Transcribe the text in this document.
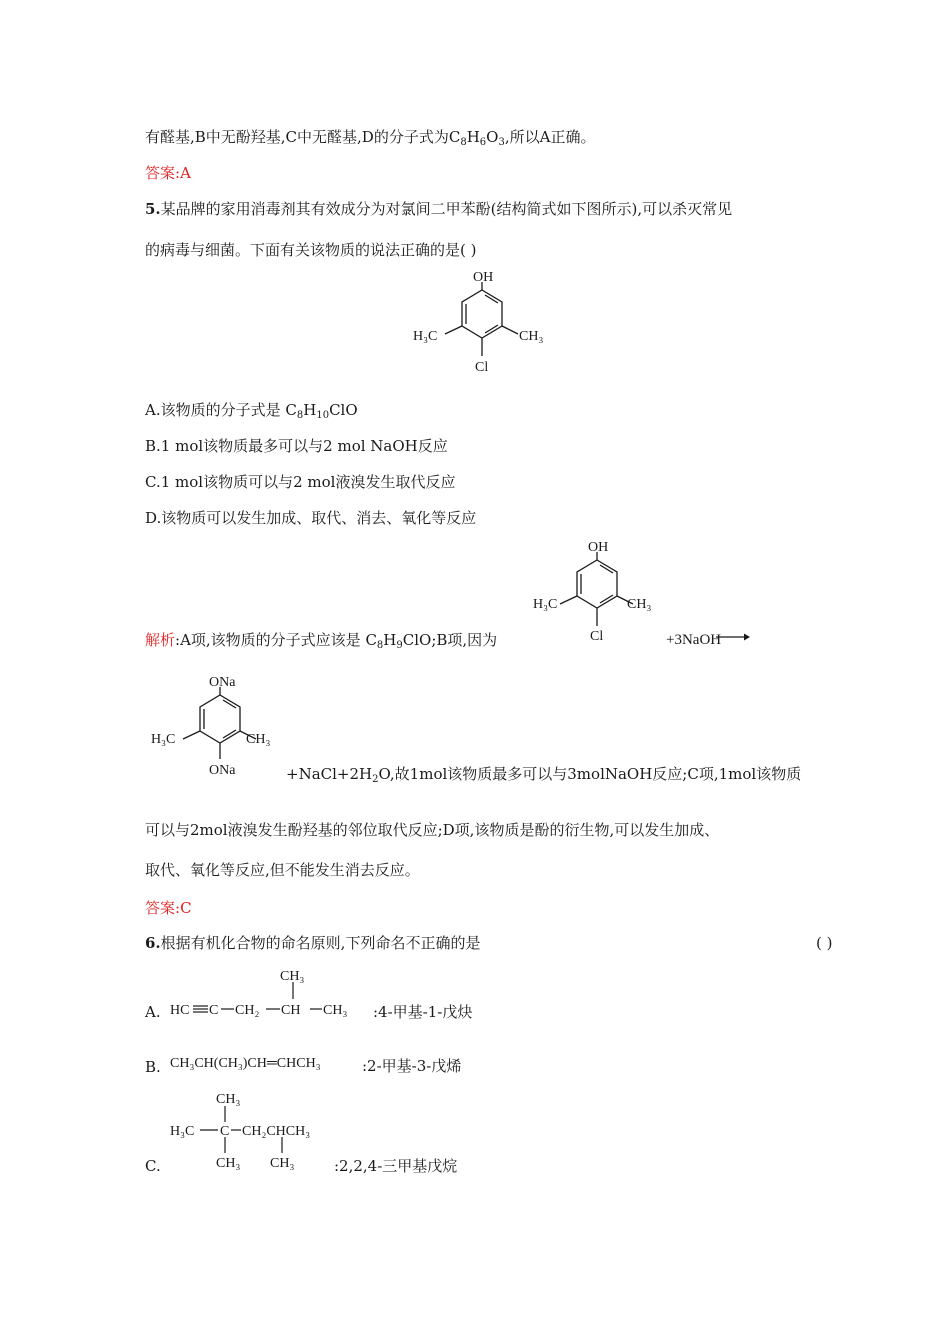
有醛基,B中无酚羟基,C中无醛基,D的分子式为$C_8H_6O_3$,所以A正确。
答案:A
5.某品牌的家用消毒剂其有效成分为对氯间二甲苯酚(结构简式如下图所示),可以杀灭常见
的病毒与细菌。下面有关该物质的说法正确的是( )
OH
H₃C	CH₃
Cl
A.该物质的分子式是 $C_8H_{10}ClO$
B.1 mol该物质最多可以与2 mol NaOH反应
C.1 mol该物质可以与2 mol液溴发生取代反应
D.该物质可以发生加成、取代、消去、氧化等反应
OH
H₃C	CH₃
Cl
解析:A项,该物质的分子式应该是 $C_8H_9ClO;B$项,因为	+3NaOH
ONa
H₃C	CH₃
ONa	$+NaCl+2H_2O$,故1mol该物质最多可以与3molNaOH反应;C项,1mol该物质
可以与2mol液溴发生酚羟基的邻位取代反应;D项,该物质是酚的衍生物,可以发生加成、
取代、氧化等反应,但不能发生消去反应。
答案:C
6.根据有机化合物的命名原则,下列命名不正确的是	( )
A. HC C CH₂ CH
CH₃
CH₃ :4-甲基-1-戊炔
B. CH₃CH(CH₃)CH═CHCH₃	:2-甲基-3-戊烯
C.
CH₃
H₃C C CH₂CHCH₃
CH₃ CH₃	:2,2,4-三甲基戊烷
